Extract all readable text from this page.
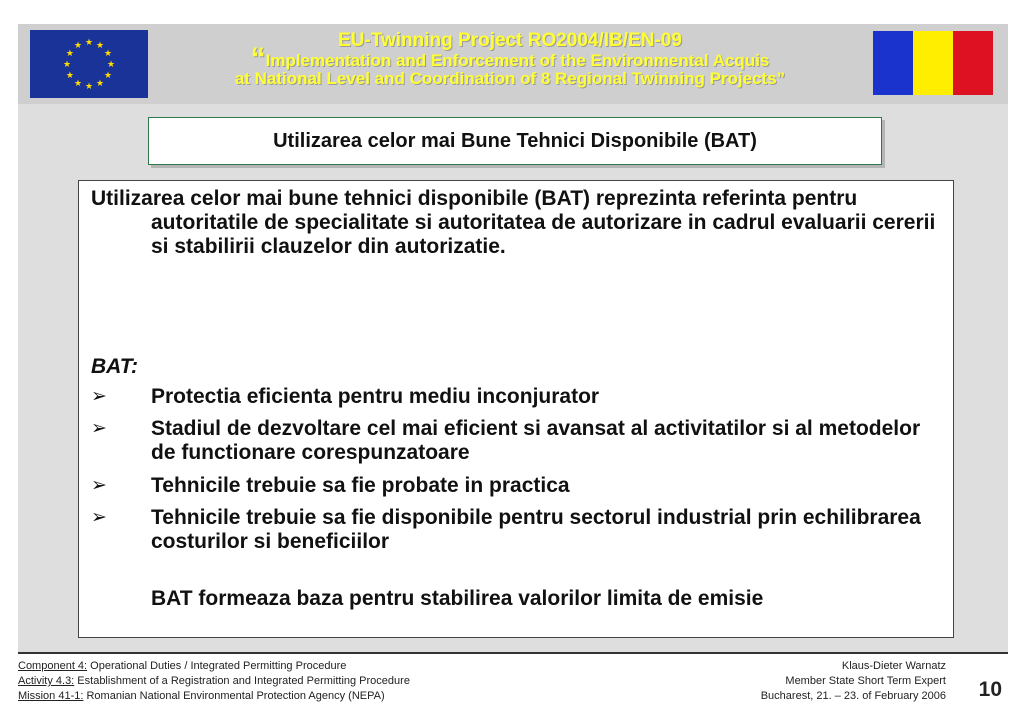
★ ★
★
★
★
★
★
★
★
★
★
★	EU-Twinning Project RO2004/IB/EN-09
“Implementation and Enforcement of the Environmental Acquis
at National Level and Coordination of 8 Regional Twinning Projects”
Utilizarea celor mai Bune Tehnici Disponibile (BAT)
Utilizarea celor mai bune tehnici disponibile (BAT) reprezinta referinta pentru autoritatile de specialitate si autoritatea de autorizare in cadrul evaluarii cererii si stabilirii clauzelor din autorizatie.
BAT:
➢	Protectia eficienta pentru mediu inconjurator
➢	Stadiul de dezvoltare cel mai eficient si avansat al activitatilor si al metodelor de functionare corespunzatoare
➢	Tehnicile trebuie sa fie probate in practica
➢	Tehnicile trebuie sa fie disponibile pentru sectorul industrial prin echilibrarea costurilor si beneficiilor
BAT formeaza baza pentru stabilirea valorilor limita de emisie
Component 4: Operational Duties / Integrated Permitting Procedure
Activity 4.3: Establishment of a Registration and Integrated Permitting Procedure
Mission 41-1: Romanian National Environmental Protection Agency (NEPA)
Klaus-Dieter Warnatz
Member State Short Term Expert
Bucharest, 21. – 23. of February 2006 10
